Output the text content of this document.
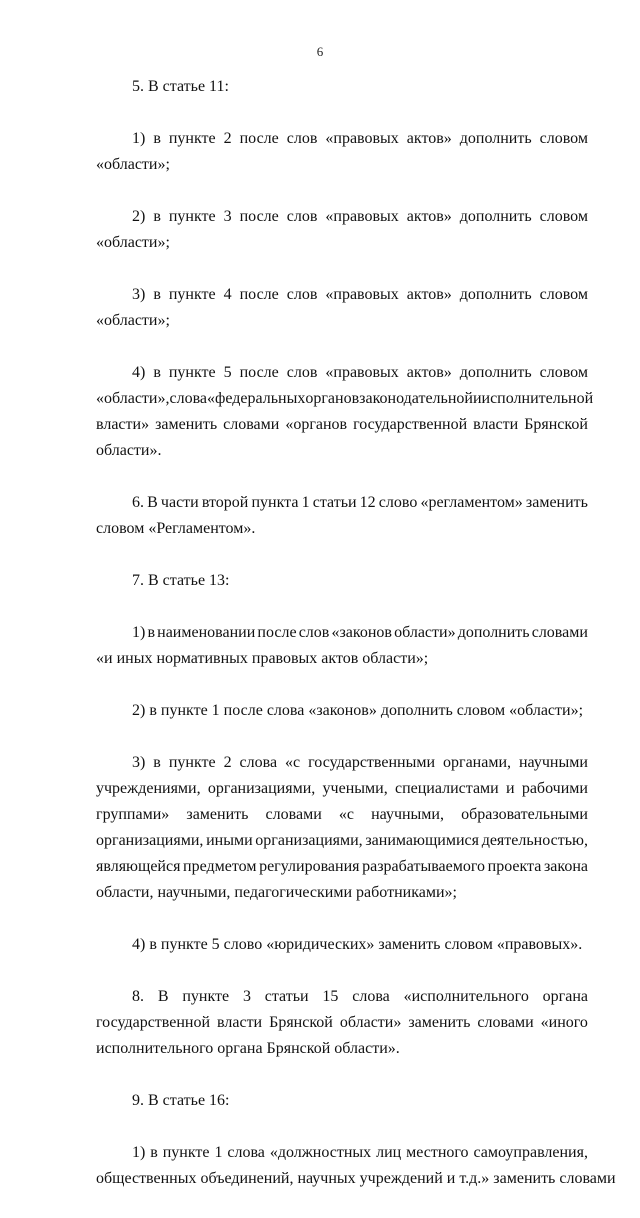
6
5. В статье 11:
1) в пункте 2 после слов «правовых актов» дополнить словом
«области»;
2) в пункте 3 после слов «правовых актов» дополнить словом
«области»;
3) в пункте 4 после слов «правовых актов» дополнить словом
«области»;
4) в пункте 5 после слов «правовых актов» дополнить словом
«области», слова «федеральных органов законодательной и исполнительной
власти» заменить словами «органов государственной власти Брянской
области».
6. В части второй пункта 1 статьи 12 слово «регламентом» заменить
словом «Регламентом».
7. В статье 13:
1) в наименовании после слов «законов области» дополнить словами
«и иных нормативных правовых актов области»;
2) в пункте 1 после слова «законов» дополнить словом «области»;
3) в пункте 2 слова «с государственными органами, научными
учреждениями, организациями, учеными, специалистами и рабочими
группами» заменить словами «с научными, образовательными
организациями, иными организациями, занимающимися деятельностью,
являющейся предметом регулирования разрабатываемого проекта закона
области, научными, педагогическими работниками»;
4) в пункте 5 слово «юридических» заменить словом «правовых».
8. В пункте 3 статьи 15 слова «исполнительного органа
государственной власти Брянской области» заменить словами «иного
исполнительного органа Брянской области».
9. В статье 16:
1) в пункте 1 слова «должностных лиц местного самоуправления,
общественных объединений, научных учреждений и т.д.» заменить словами
